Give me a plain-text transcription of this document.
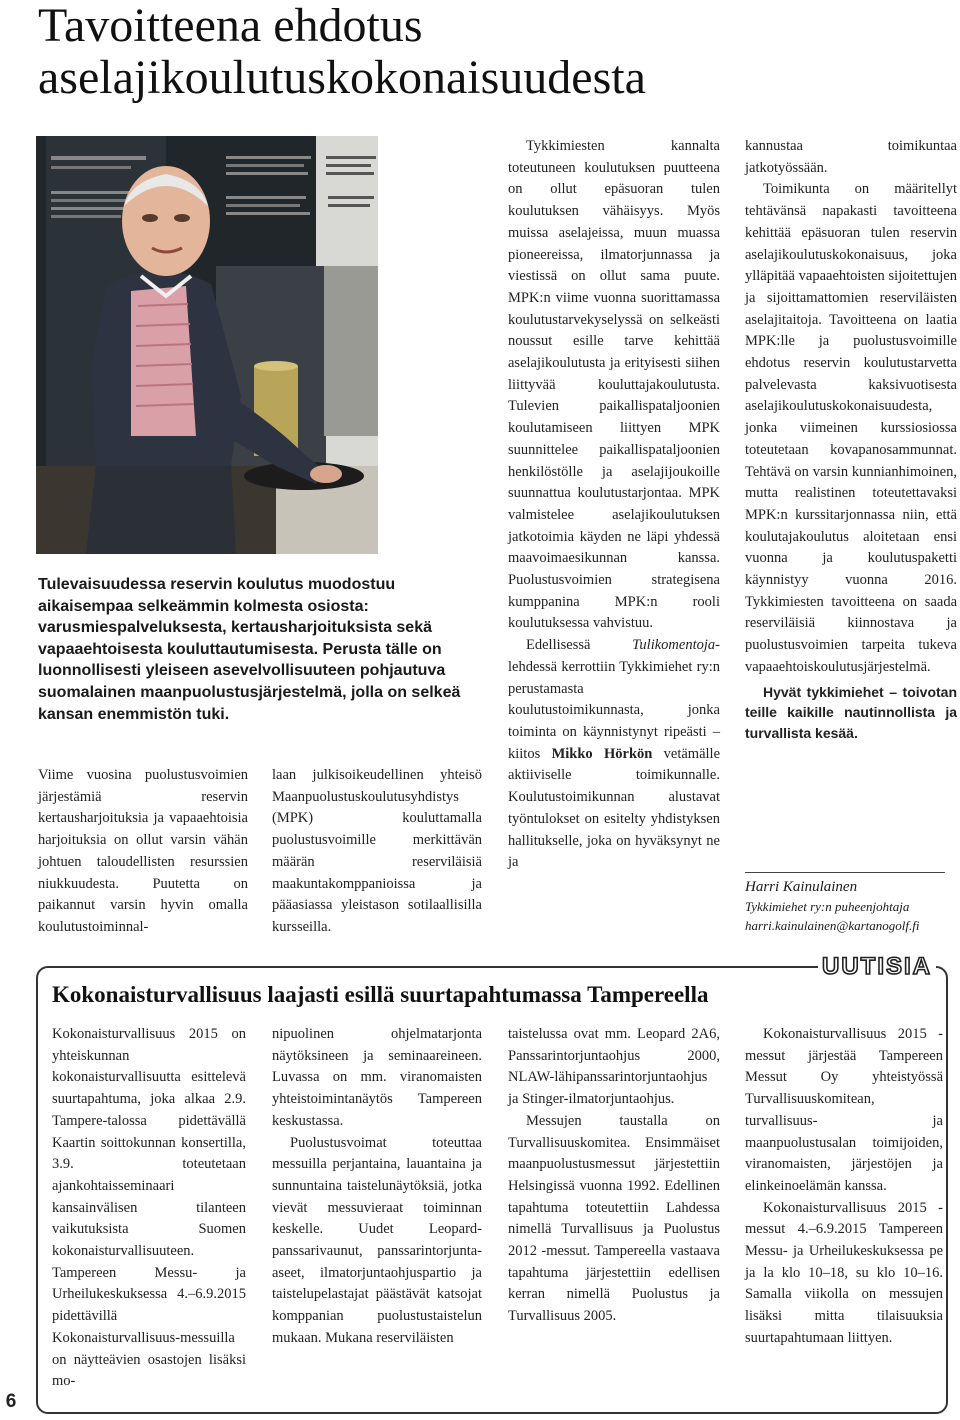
Tavoitteena ehdotus
aselajikoulutuskokonaisuudesta

Tulevaisuudessa reservin koulutus muodostuu aikaisempaa selkeämmin kolmesta osiosta: varusmiespalveluksesta, kertausharjoituksista sekä vapaaehtoisesta kouluttautumisesta. Perusta tälle on luonnollisesti yleiseen asevelvollisuuteen pohjautuva suomalainen maanpuolustusjärjestelmä, jolla on selkeä kansan enemmistön tuki.

Viime vuosina puolustusvoimien järjestämiä reservin kertausharjoituksia ja vapaaehtoisia harjoituksia on ollut varsin vähän johtuen taloudellisten resurssien niukkuudesta. Puutetta on paikannut varsin hyvin omalla koulutustoiminnal-

laan julkisoikeudellinen yhteisö Maanpuolustuskoulutusyhdistys (MPK) kouluttamalla puolustusvoimille merkittävän määrän reserviläisiä maakuntakomppanioissa ja pääasiassa yleistason sotilaallisilla kursseilla.

Tykkimiesten kannalta toteutuneen koulutuksen puutteena on ollut epäsuoran tulen koulutuksen vähäisyys. Myös muissa aselajeissa, muun muassa pioneereissa, ilmatorjunnassa ja viestissä on ollut sama puute. MPK:n viime vuonna suorittamassa koulutustarvekyselyssä on selkeästi noussut esille tarve kehittää aselajikoulutusta ja erityisesti siihen liittyvää kouluttajakoulutusta. Tulevien paikallispataljoonien koulutamiseen liittyen MPK suunnittelee paikallispataljoonien henkilöstölle ja aselajijoukoille suunnattua koulutustarjontaa. MPK valmistelee aselajikoulutuksen jatkotoimia käyden ne läpi yhdessä maavoimaesikunnan kanssa. Puolustusvoimien strategisena kumppanina MPK:n rooli koulutuksessa vahvistuu.

Edellisessä Tulikomentoja-lehdessä kerrottiin Tykkimiehet ry:n perustamasta koulutustoimikunnasta, jonka toiminta on käynnistynyt ripeästi – kiitos Mikko Hörkön vetämälle aktiiviselle toimikunnalle. Koulutustoimikunnan alustavat työntulokset on esitelty yhdistyksen hallitukselle, joka on hyväksynyt ne ja

kannustaa toimikuntaa jatkotyössään.

Toimikunta on määritellyt tehtävänsä napakasti tavoitteena kehittää epäsuoran tulen reservin aselajikoulutuskokonaisuus, joka ylläpitää vapaaehtoisten sijoitettujen ja sijoittamattomien reserviläisten aselajitaitoja. Tavoitteena on laatia MPK:lle ja puolustusvoimille ehdotus reservin koulutustarvetta palvelevasta kaksivuotisesta aselajikoulutuskokonaisuudesta, jonka viimeinen kurssiosiossa toteutetaan kovapanosammunnat. Tehtävä on varsin kunnianhimoinen, mutta realistinen toteutettavaksi MPK:n kurssitarjonnassa niin, että koulutajakoulutus aloitetaan ensi vuonna ja koulutuspaketti käynnistyy vuonna 2016. Tykkimiesten tavoitteena on saada reserviläisiä kiinnostava ja puolustusvoimien tarpeita tukeva vapaaehtoiskoulutusjärjestelmä.

Hyvät tykkimiehet – toivotan teille kaikille nautinnollista ja turvallista kesää.

Harri Kainulainen
Tykkimiehet ry:n puheenjohtaja
harri.kainulainen@kartanogolf.fi
UUTISIA
Kokonaisturvallisuus laajasti esillä suurtapahtumassa Tampereella

Kokonaisturvallisuus 2015 on yhteiskunnan kokonaisturvallisuutta esittelevä suurtapahtuma, joka alkaa 2.9. Tampere-talossa pidettävällä Kaartin soittokunnan konsertilla, 3.9. toteutetaan ajankohtaisseminaari kansainvälisen tilanteen vaikutuksista Suomen kokonaisturvallisuuteen. Tampereen Messu- ja Urheilukeskuksessa 4.–6.9.2015 pidettävillä Kokonaisturvallisuus-messuilla on näytteävien osastojen lisäksi mo-

nipuolinen ohjelmatarjonta näytöksineen ja seminaareineen. Luvassa on mm. viranomaisten yhteistoimintanäytös Tampereen keskustassa.

Puolustusvoimat toteuttaa messuilla perjantaina, lauantaina ja sunnuntaina taistelunäytöksiä, jotka vievät messuvieraat toiminnan keskelle. Uudet Leopard-panssarivaunut, panssarintorjunta-aseet, ilmatorjuntaohjuspartio ja taistelupelastajat päästävät katsojat komppanian puolustustaistelun mukaan. Mukana reserviläisten

taistelussa ovat mm. Leopard 2A6, Panssarintorjuntaohjus 2000, NLAW-lähipanssarintorjuntaohjus ja Stinger-ilmatorjuntaohjus.

Messujen taustalla on Turvallisuuskomitea. Ensimmäiset maanpuolustusmessut järjestettiin Helsingissä vuonna 1992. Edellinen tapahtuma toteutettiin Lahdessa nimellä Turvallisuus ja Puolustus 2012 -messut. Tampereella vastaava tapahtuma järjestettiin edellisen kerran nimellä Puolustus ja Turvallisuus 2005.

Kokonaisturvallisuus 2015 -messut järjestää Tampereen Messut Oy yhteistyössä Turvallisuuskomitean, turvallisuus- ja maanpuolustusalan toimijoiden, viranomaisten, järjestöjen ja elinkeinoelämän kanssa.

Kokonaisturvallisuus 2015 -messut 4.–6.9.2015 Tampereen Messu- ja Urheilukeskuksessa pe ja la klo 10–18, su klo 10–16. Samalla viikolla on messujen lisäksi mitta tilaisuuksia suurtapahtumaan liittyen.

6
